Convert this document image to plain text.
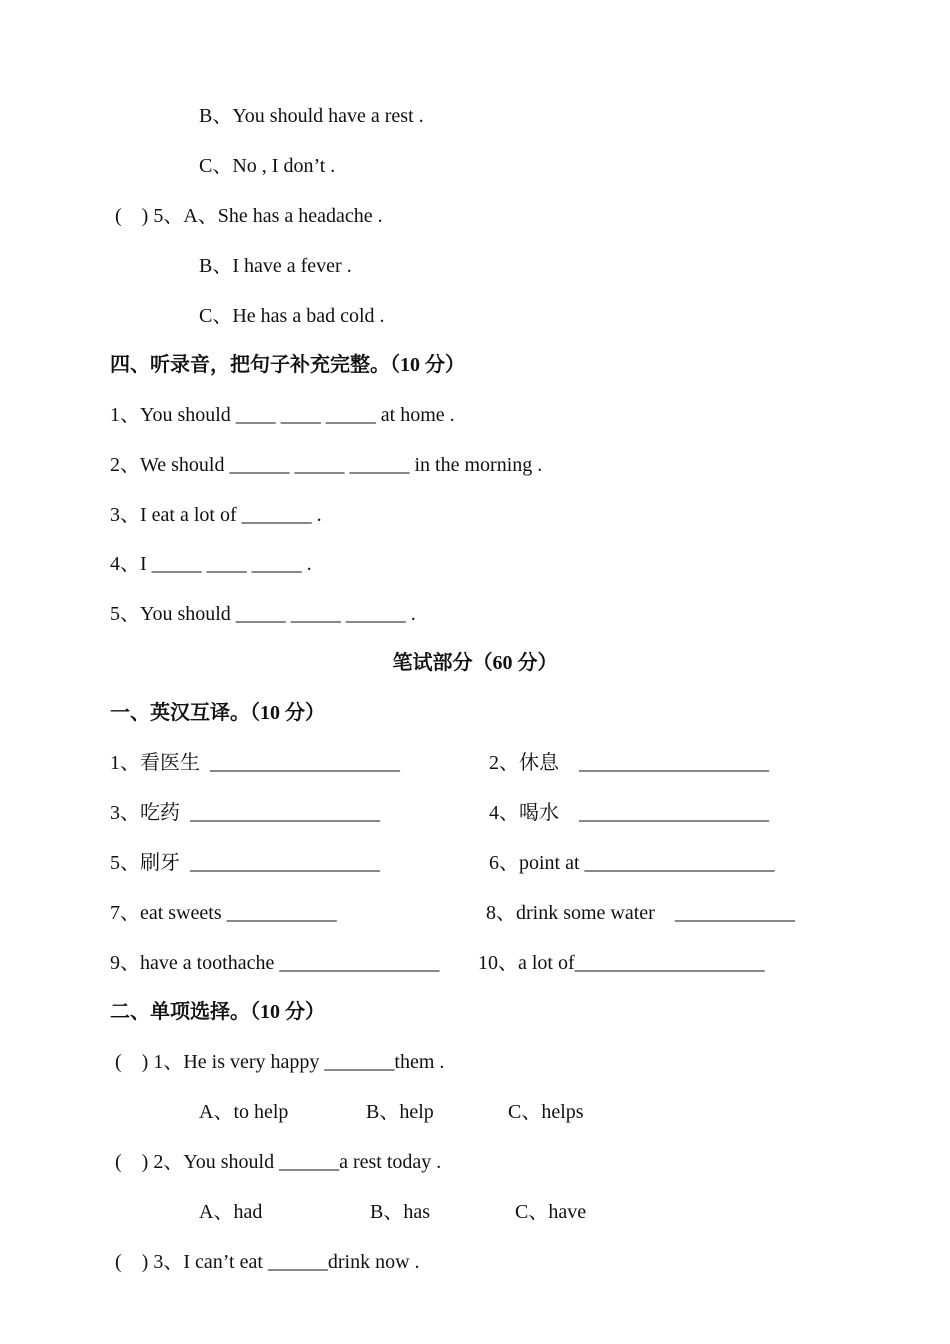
B、You should have a rest .
C、No , I don’t .
(    ) 5、A、She has a headache .
B、I have a fever .
C、He has a bad cold .
四、听录音，把句子补充完整。（10 分）
1、You should ____ ____ _____ at home .
2、We should ______ _____ ______ in the morning .
3、I eat a lot of _______ .
4、I _____ ____ _____ .
5、You should _____ _____ ______ .
笔试部分（60 分）
一、英汉互译。（10 分）
1、看医生  ___________________	2、休息    ___________________
3、吃药  ___________________	4、喝水    ___________________
5、刷牙  ___________________	6、point at ___________________
7、eat sweets ___________	8、drink some water    ____________
9、have a toothache ________________ 10、a lot of___________________
二、单项选择。（10 分）
(    ) 1、He is very happy _______them .
A、to help	B、help	C、helps
(    ) 2、You should ______a rest today .
A、had	B、has	C、have
(    ) 3、I can’t eat ______drink now .
